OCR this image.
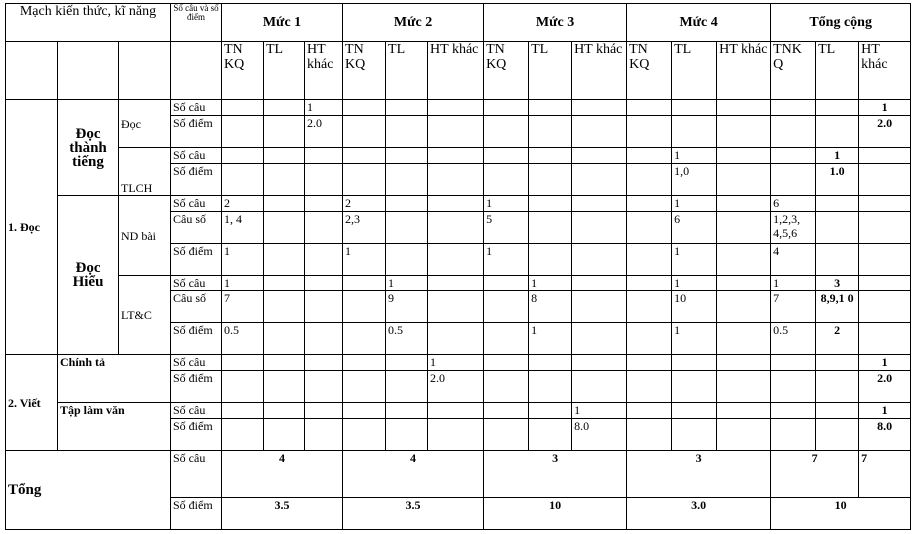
Mạch kiến thức, kĩ năng			Số câu và số điểm	Mức 1			Mức 2			Mức 3			Mức 4			Tổng cộng		
				TN KQ	TL	HT khác	TN KQ	TL	HT khác	TN KQ	TL	HT khác	TN KQ	TL	HT khác	TNK Q	TL	HT khác
1. Đọc	Đọc thành tiếng	Đọc	Số câu			1												1
			Số điểm			2.0												2.0
		TLCH	Số câu											1			1	
			Số điểm											1,0			1.0	
	Đọc Hiểu	ND bài	Số câu	2			2			1				1		6		
			Câu số	1, 4			2,3			5				6		1,2,3, 4,5,6		
			Số điểm	1			1			1				1		4		

		LT&C	Số câu	1				1			1			1		1	3	
			Câu số	7				9			8			10		7	8,9,1 0	
			Số điểm	0.5				0.5			1			1		0.5	2	

2. Viết	Chính tả		Số câu						1									1
			Số điểm						2.0									2.0
	Tập làm văn		Số câu									1						1
			Số điểm									8.0						8.0
Tổng			Số câu	4			4			3			3			7		7
			Số điểm	3.5			3.5			10			3.0			10		
